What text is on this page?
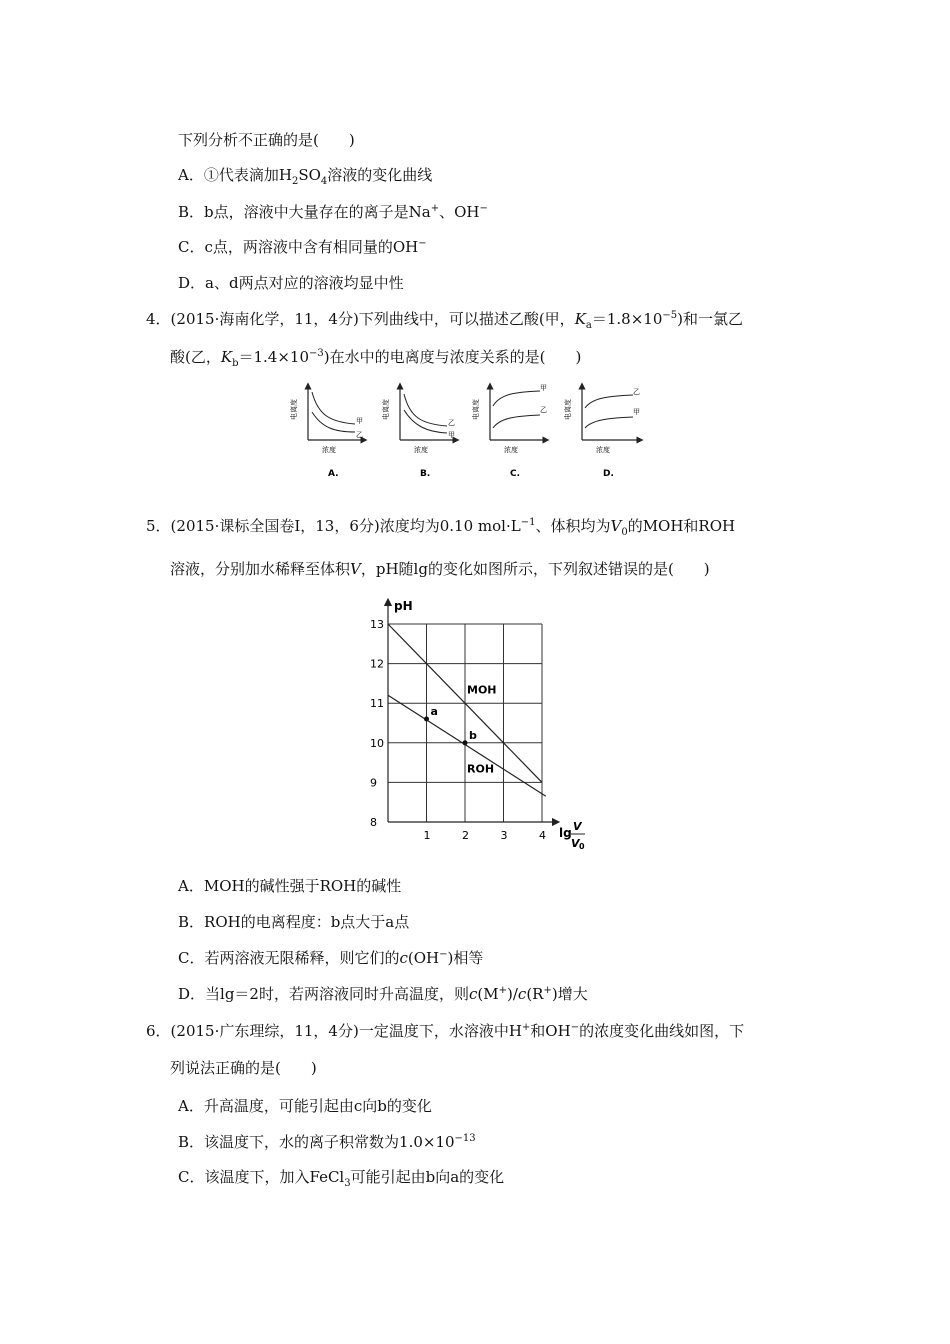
下列分析不正确的是(　　)
A．①代表滴加$H_2SO_4$溶液的变化曲线
B．b点，溶液中大量存在的离子是Na+、OH−
C．c点，两溶液中含有相同量的OH−
D．a、d两点对应的溶液均显中性
4．(2015·海南化学，11，4分)下列曲线中，可以描述乙酸(甲，$K_a=1.8\times 10^{-5}$)和一氯乙
酸(乙，$K_b=1.4\times 10^{-3}$)在水中的电离度与浓度关系的是(　　)
电离度
浓度
甲
乙
A.
电离度
浓度
乙
甲
B.
电离度
浓度
甲
乙
C.
电离度
浓度
乙
甲
D.
5．(2015·课标全国卷Ⅰ，13，6分)浓度均为0.10 $mol\cdot L^{-1}$、体积均为$V_0$的MOH和ROH
溶液，分别加水稀释至体积V，pH随lg的变化如图所示，下列叙述错误的是(　　)
pH
8
9
10
11
12
13
1	2	3	4
MOH
ROH
a
b
lg V
V 0
A．MOH的碱性强于ROH的碱性
B．ROH的电离程度：b点大于a点
C．若两溶液无限稀释，则它们的c(OH−)相等
D．当lg＝2时，若两溶液同时升高温度，则c(M+)/c(R+)增大
6．(2015·广东理综，11，4分)一定温度下，水溶液中H+和OH−的浓度变化曲线如图，下
列说法正确的是(　　)
A．升高温度，可能引起由c向b的变化
B．该温度下，水的离子积常数为$1.0\times 10^{-13}$
C．该温度下，加入FeCl$_3$可能引起由b向a的变化
